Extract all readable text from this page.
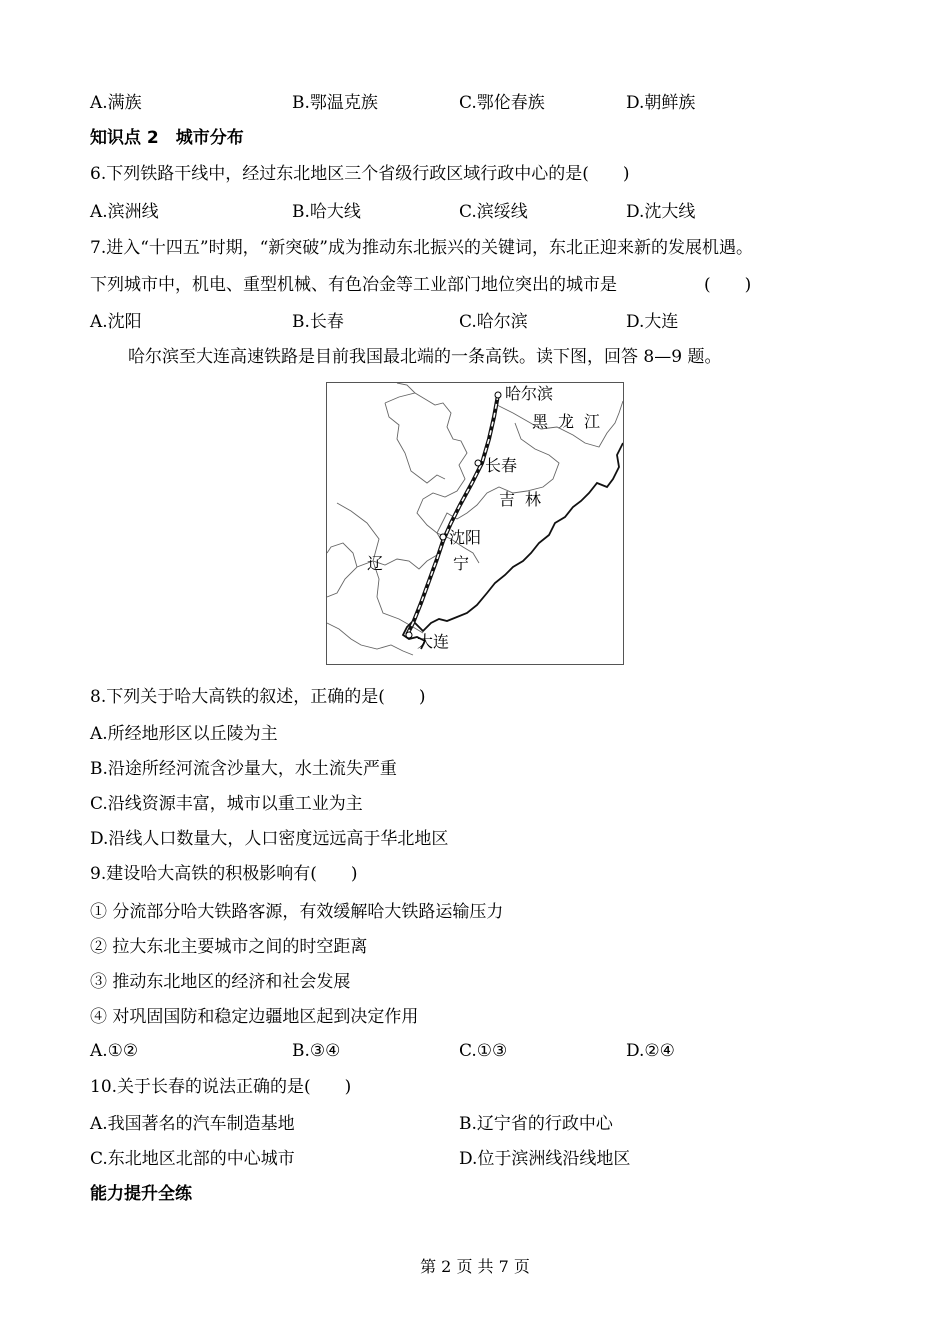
A.满族	B.鄂温克族	C.鄂伦春族	D.朝鲜族
知识点 2　城市分布
6.下列铁路干线中，经过东北地区三个省级行政区域行政中心的是(　　)
A.滨洲线	B.哈大线	C.滨绥线	D.沈大线
7.进入“十四五”时期，“新突破”成为推动东北振兴的关键词，东北正迎来新的发展机遇。
下列城市中，机电、重型机械、有色冶金等工业部门地位突出的城市是	(　　)
A.沈阳	B.长春	C.哈尔滨	D.大连
哈尔滨至大连高速铁路是目前我国最北端的一条高铁。读下图，回答 8—9 题。
哈尔滨
长春
沈阳
大连
黑 龙 江
吉 林
辽	宁
8.下列关于哈大高铁的叙述，正确的是(　　)
A.所经地形区以丘陵为主
B.沿途所经河流含沙量大，水土流失严重
C.沿线资源丰富，城市以重工业为主
D.沿线人口数量大，人口密度远远高于华北地区
9.建设哈大高铁的积极影响有(　　)
① 分流部分哈大铁路客源，有效缓解哈大铁路运输压力
② 拉大东北主要城市之间的时空距离
③ 推动东北地区的经济和社会发展
④ 对巩固国防和稳定边疆地区起到决定作用
A.①②	B.③④	C.①③	D.②④
10.关于长春的说法正确的是(　　)
A.我国著名的汽车制造基地	B.辽宁省的行政中心
C.东北地区北部的中心城市	D.位于滨洲线沿线地区
能力提升全练
第 2 页 共 7 页
